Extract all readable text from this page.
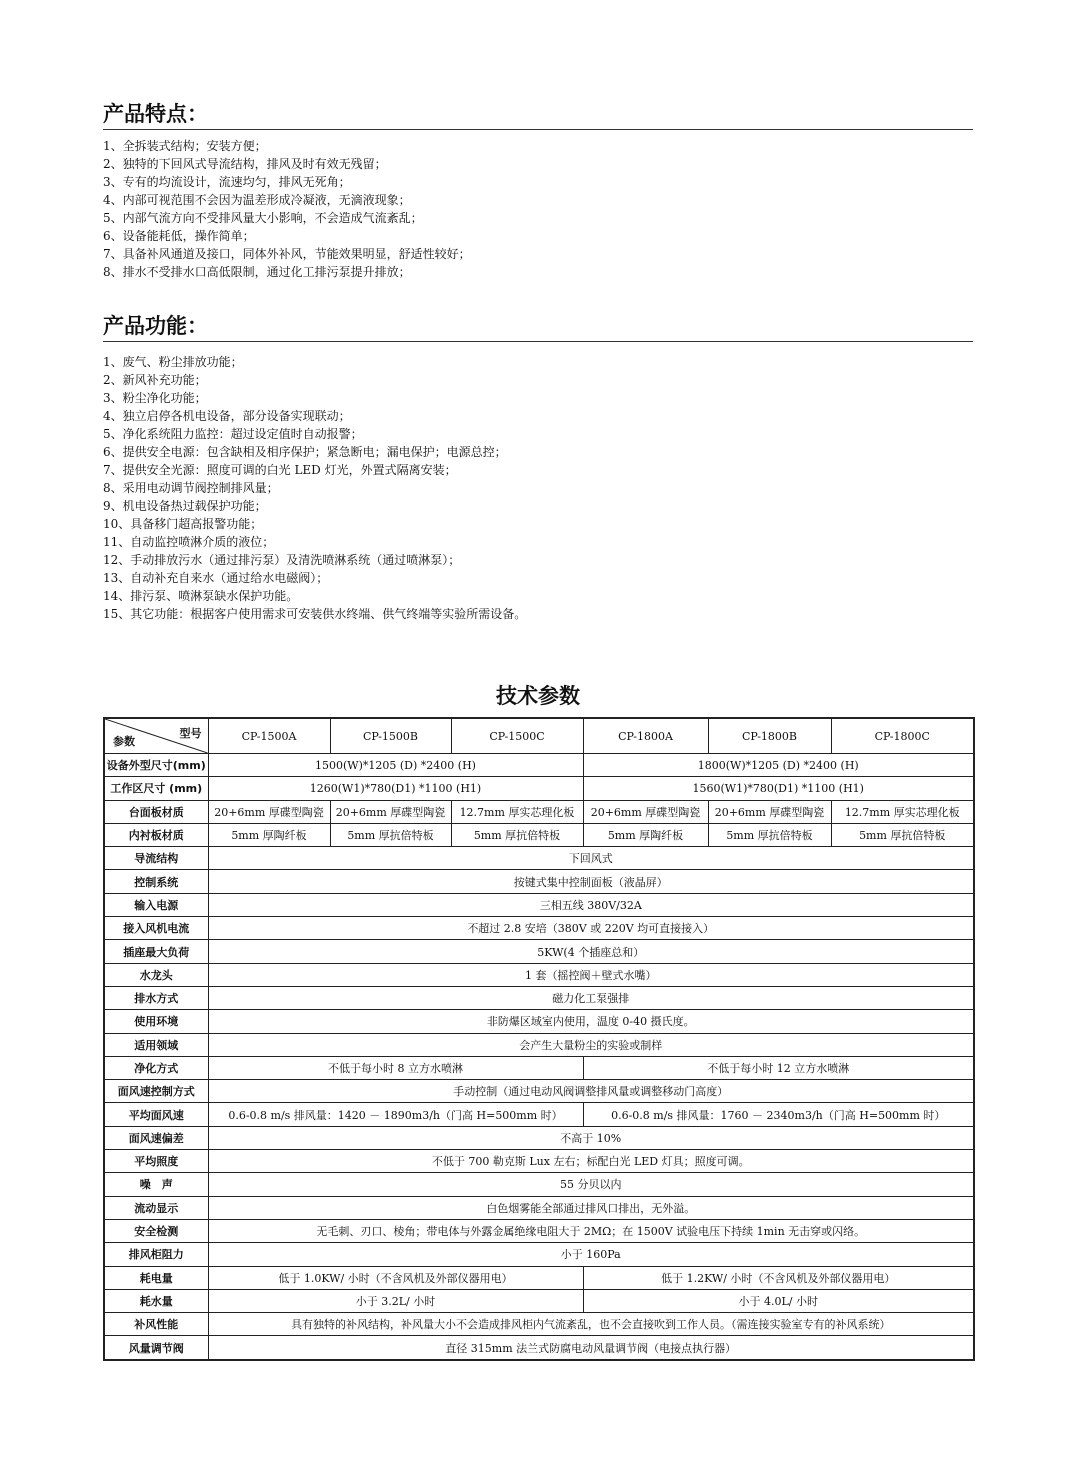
产品特点：
1、全拆装式结构；安装方便；
2、独特的下回风式导流结构，排风及时有效无残留；
3、专有的均流设计，流速均匀，排风无死角；
4、内部可视范围不会因为温差形成冷凝液，无滴液现象；
5、内部气流方向不受排风量大小影响，不会造成气流紊乱；
6、设备能耗低，操作简单；
7、具备补风通道及接口，同体外补风，节能效果明显，舒适性较好；
8、排水不受排水口高低限制，通过化工排污泵提升排放；
产品功能：
1、废气、粉尘排放功能；
2、新风补充功能；
3、粉尘净化功能；
4、独立启停各机电设备，部分设备实现联动；
5、净化系统阻力监控：超过设定值时自动报警；
6、提供安全电源：包含缺相及相序保护；紧急断电；漏电保护；电源总控；
7、提供安全光源：照度可调的白光 LED 灯光，外置式隔离安装；
8、采用电动调节阀控制排风量；
9、机电设备热过载保护功能；
10、具备移门超高报警功能；
11、自动监控喷淋介质的液位；
12、手动排放污水（通过排污泵）及清洗喷淋系统（通过喷淋泵）；
13、自动补充自来水（通过给水电磁阀）；
14、排污泵、喷淋泵缺水保护功能。
15、其它功能：根据客户使用需求可安装供水终端、供气终端等实验所需设备。
技术参数
型号
参数	CP-1500A	CP-1500B	CP-1500C	CP-1800A	CP-1800B	CP-1800C
设备外型尺寸(mm)	1500(W)*1205 (D) *2400 (H)			1800(W)*1205 (D) *2400 (H)		
工作区尺寸 (mm)	1260(W1)*780(D1) *1100 (H1)			1560(W1)*780(D1) *1100 (H1)		
台面板材质	20+6mm 厚碟型陶瓷	20+6mm 厚碟型陶瓷	12.7mm 厚实芯理化板	20+6mm 厚碟型陶瓷	20+6mm 厚碟型陶瓷	12.7mm 厚实芯理化板
内衬板材质	5mm 厚陶纤板	5mm 厚抗倍特板	5mm 厚抗倍特板	5mm 厚陶纤板	5mm 厚抗倍特板	5mm 厚抗倍特板
导流结构	下回风式					
控制系统	按键式集中控制面板（液晶屏）					
输入电源	三相五线 380V/32A					
接入风机电流	不超过 2.8 安培（380V 或 220V 均可直接接入）					
插座最大负荷	5KW(4 个插座总和）					
水龙头	1 套（摇控阀＋壁式水嘴）					
排水方式	磁力化工泵强排					
使用环境	非防爆区域室内使用，温度 0-40 摄氏度。					
适用领域	会产生大量粉尘的实验或制样					
净化方式	不低于每小时 8 立方水喷淋			不低于每小时 12 立方水喷淋		
面风速控制方式	手动控制（通过电动风阀调整排风量或调整移动门高度）					
平均面风速	0.6-0.8 m/s 排风量：1420 － 1890m3/h（门高 H=500mm 时）			0.6-0.8 m/s 排风量：1760 － 2340m3/h（门高 H=500mm 时）		
面风速偏差	不高于 10%					
平均照度	不低于 700 勒克斯 Lux 左右；标配白光 LED 灯具；照度可调。					
噪　声	55 分贝以内					
流动显示	白色烟雾能全部通过排风口排出，无外溢。					
安全检测	无毛刺、刃口、棱角；带电体与外露金属绝缘电阻大于 2MΩ；在 1500V 试验电压下持续 1min 无击穿或闪络。					
排风柜阻力	小于 160Pa					
耗电量	低于 1.0KW/ 小时（不含风机及外部仪器用电）			低于 1.2KW/ 小时（不含风机及外部仪器用电）		
耗水量	小于 3.2L/ 小时			小于 4.0L/ 小时		
补风性能	具有独特的补风结构，补风量大小不会造成排风柜内气流紊乱，也不会直接吹到工作人员。（需连接实验室专有的补风系统）					
风量调节阀	直径 315mm 法兰式防腐电动风量调节阀（电接点执行器）					
